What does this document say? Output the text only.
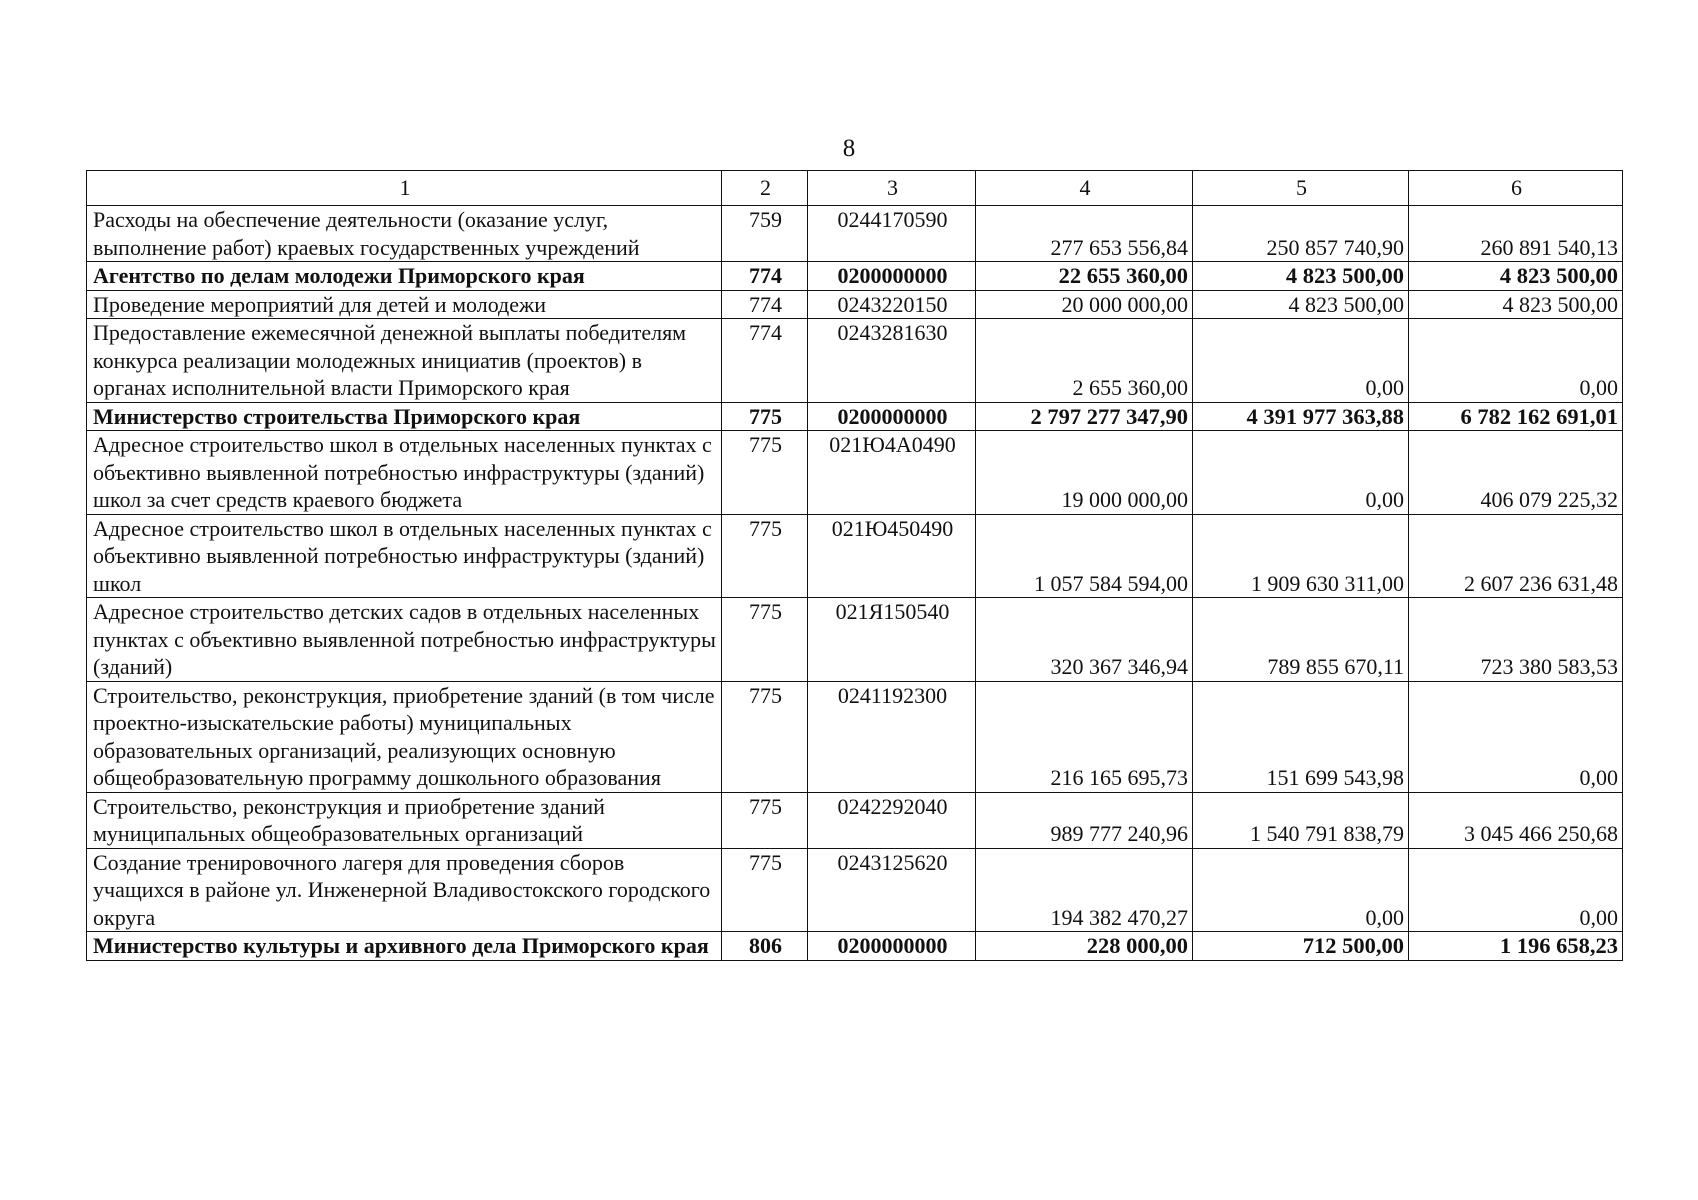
8
1	2	3	4	5	6
Расходы на обеспечение деятельности (оказание услуг, выполнение работ) краевых государственных учреждений	759	0244170590	277 653 556,84	250 857 740,90	260 891 540,13
Агентство по делам молодежи Приморского края	774	0200000000	22 655 360,00	4 823 500,00	4 823 500,00
Проведение мероприятий для детей и молодежи	774	0243220150	20 000 000,00	4 823 500,00	4 823 500,00
Предоставление ежемесячной денежной выплаты победителям конкурса реализации молодежных инициатив (проектов) в органах исполнительной власти Приморского края	774	0243281630	2 655 360,00	0,00	0,00
Министерство строительства Приморского края	775	0200000000	2 797 277 347,90	4 391 977 363,88	6 782 162 691,01
Адресное строительство школ в отдельных населенных пунктах с объективно выявленной потребностью инфраструктуры (зданий) школ за счет средств краевого бюджета	775	021Ю4А0490	19 000 000,00	0,00	406 079 225,32
Адресное строительство школ в отдельных населенных пунктах с объективно выявленной потребностью инфраструктуры (зданий) школ	775	021Ю450490	1 057 584 594,00	1 909 630 311,00	2 607 236 631,48
Адресное строительство детских садов в отдельных населенных пунктах с объективно выявленной потребностью инфраструктуры (зданий)	775	021Я150540	320 367 346,94	789 855 670,11	723 380 583,53
Строительство, реконструкция, приобретение зданий (в том числе проектно-изыскательские работы) муниципальных образовательных организаций, реализующих основную общеобразовательную программу дошкольного образования	775	0241192300	216 165 695,73	151 699 543,98	0,00
Строительство, реконструкция и приобретение зданий муниципальных общеобразовательных организаций	775	0242292040	989 777 240,96	1 540 791 838,79	3 045 466 250,68
Создание тренировочного лагеря для проведения сборов учащихся в районе ул. Инженерной Владивостокского городского округа	775	0243125620	194 382 470,27	0,00	0,00
Министерство культуры и архивного дела Приморского края	806	0200000000	228 000,00	712 500,00	1 196 658,23
